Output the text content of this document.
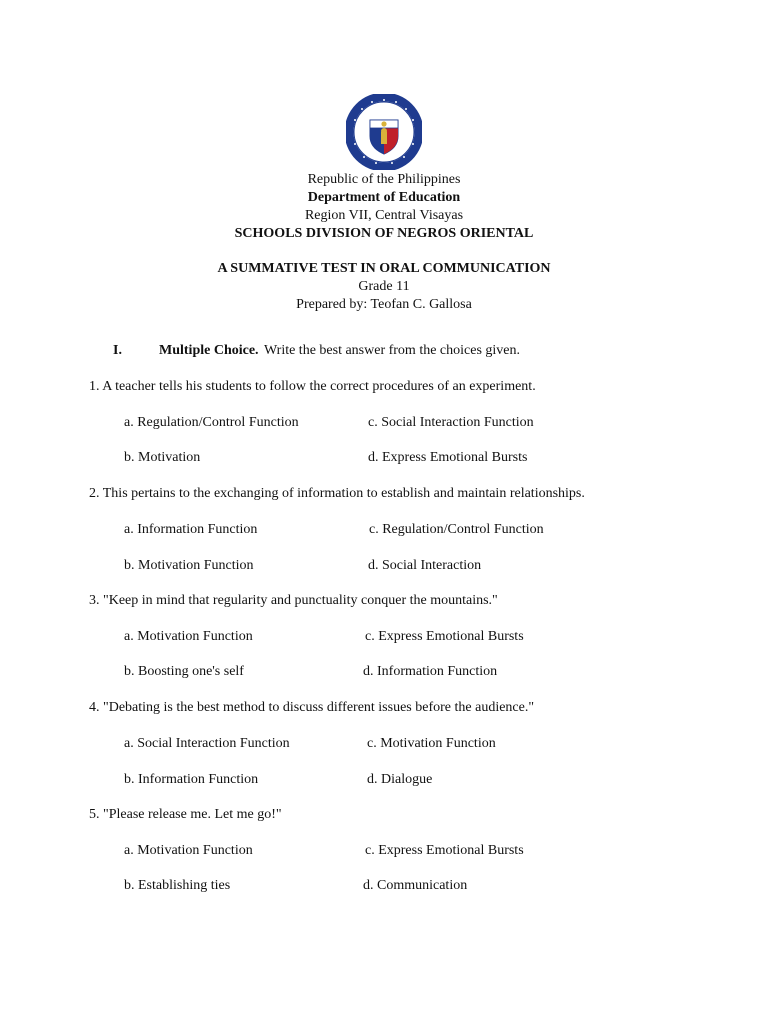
Republic of the Philippines
Department of Education
Region VII, Central Visayas
SCHOOLS DIVISION OF NEGROS ORIENTAL
A SUMMATIVE TEST IN ORAL COMMUNICATION
Grade 11
Prepared by: Teofan C. Gallosa
I.	Multiple Choice. Write the best answer from the choices given.
1. A teacher tells his students to follow the correct procedures of an experiment.
a. Regulation/Control Function	c. Social Interaction Function
b. Motivation	d. Express Emotional Bursts
2. This pertains to the exchanging of information to establish and maintain relationships.
a. Information Function	c. Regulation/Control Function
b. Motivation Function	d. Social Interaction
3. "Keep in mind that regularity and punctuality conquer the mountains."
a. Motivation Function	c. Express Emotional Bursts
b. Boosting one's self	d. Information Function
4. "Debating is the best method to discuss different issues before the audience."
a. Social Interaction Function	c. Motivation Function
b. Information Function	d. Dialogue
5. "Please release me. Let me go!"
a. Motivation Function	c. Express Emotional Bursts
b. Establishing ties	d. Communication
